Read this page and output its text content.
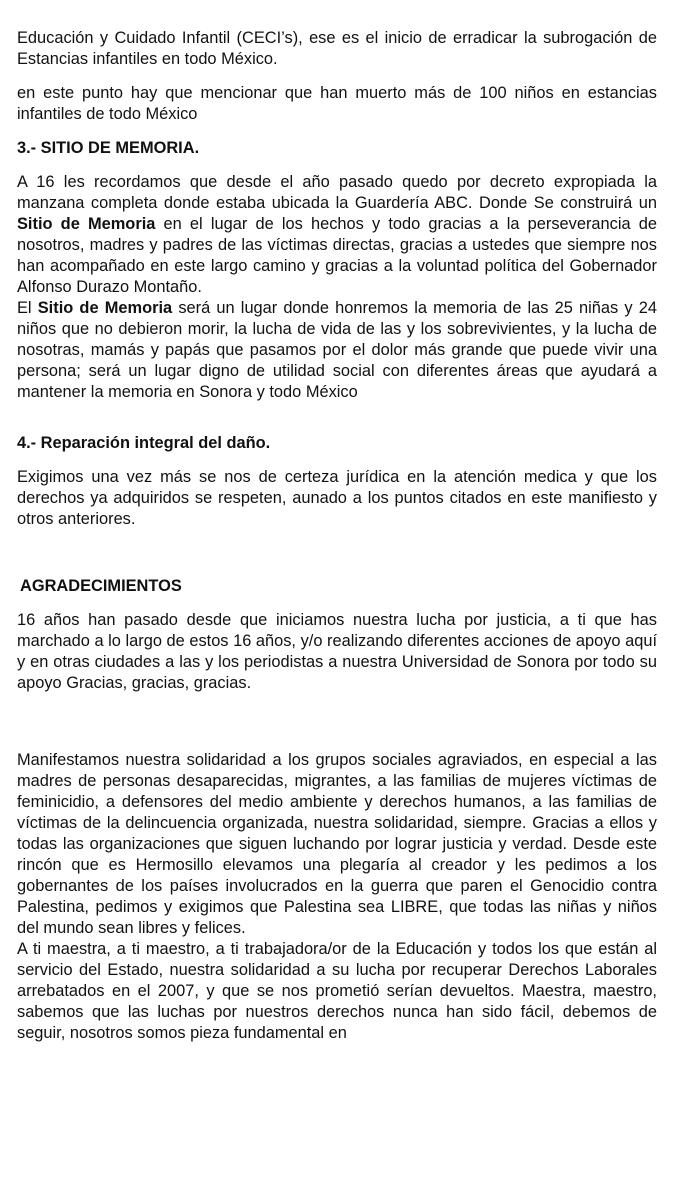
Educación y Cuidado Infantil (CECI’s), ese es el inicio de erradicar la subrogación de Estancias infantiles en todo México.

en este punto hay que mencionar que han muerto más de 100 niños en estancias infantiles de todo México

3.- SITIO DE MEMORIA.

A 16 les recordamos que desde el año pasado quedo por decreto expropiada la manzana completa donde estaba ubicada la Guardería ABC. Donde Se construirá un Sitio de Memoria en el lugar de los hechos y todo gracias a la perseverancia de nosotros, madres y padres de las víctimas directas, gracias a ustedes que siempre nos han acompañado en este largo camino y gracias a la voluntad política del Gobernador Alfonso Durazo Montaño.

El Sitio de Memoria será un lugar donde honremos la memoria de las 25 niñas y 24 niños que no debieron morir, la lucha de vida de las y los sobrevivientes, y la lucha de nosotras, mamás y papás que pasamos por el dolor más grande que puede vivir una persona; será un lugar digno de utilidad social con diferentes áreas que ayudará a mantener la memoria en Sonora y todo México

4.- Reparación integral del daño.

Exigimos una vez más se nos de certeza jurídica en la atención medica y que los derechos ya adquiridos se respeten, aunado a los puntos citados en este manifiesto y otros anteriores.

AGRADECIMIENTOS

16 años han pasado desde que iniciamos nuestra lucha por justicia, a ti que has marchado a lo largo de estos 16 años, y/o realizando diferentes acciones de apoyo aquí y en otras ciudades a las y los periodistas a nuestra Universidad de Sonora por todo su apoyo Gracias, gracias, gracias.

Manifestamos nuestra solidaridad a los grupos sociales agraviados, en especial a las madres de personas desaparecidas, migrantes, a las familias de mujeres víctimas de feminicidio, a defensores del medio ambiente y derechos humanos, a las familias de víctimas de la delincuencia organizada, nuestra solidaridad, siempre. Gracias a ellos y todas las organizaciones que siguen luchando por lograr justicia y verdad. Desde este rincón que es Hermosillo elevamos una plegaría al creador y les pedimos a los gobernantes de los países involucrados en la guerra que paren el Genocidio contra Palestina, pedimos y exigimos que Palestina sea LIBRE, que todas las niñas y niños del mundo sean libres y felices.

A ti maestra, a ti maestro, a ti trabajadora/or de la Educación y todos los que están al servicio del Estado, nuestra solidaridad a su lucha por recuperar Derechos Laborales arrebatados en el 2007, y que se nos prometió serían devueltos. Maestra, maestro, sabemos que las luchas por nuestros derechos nunca han sido fácil, debemos de seguir, nosotros somos pieza fundamental en
